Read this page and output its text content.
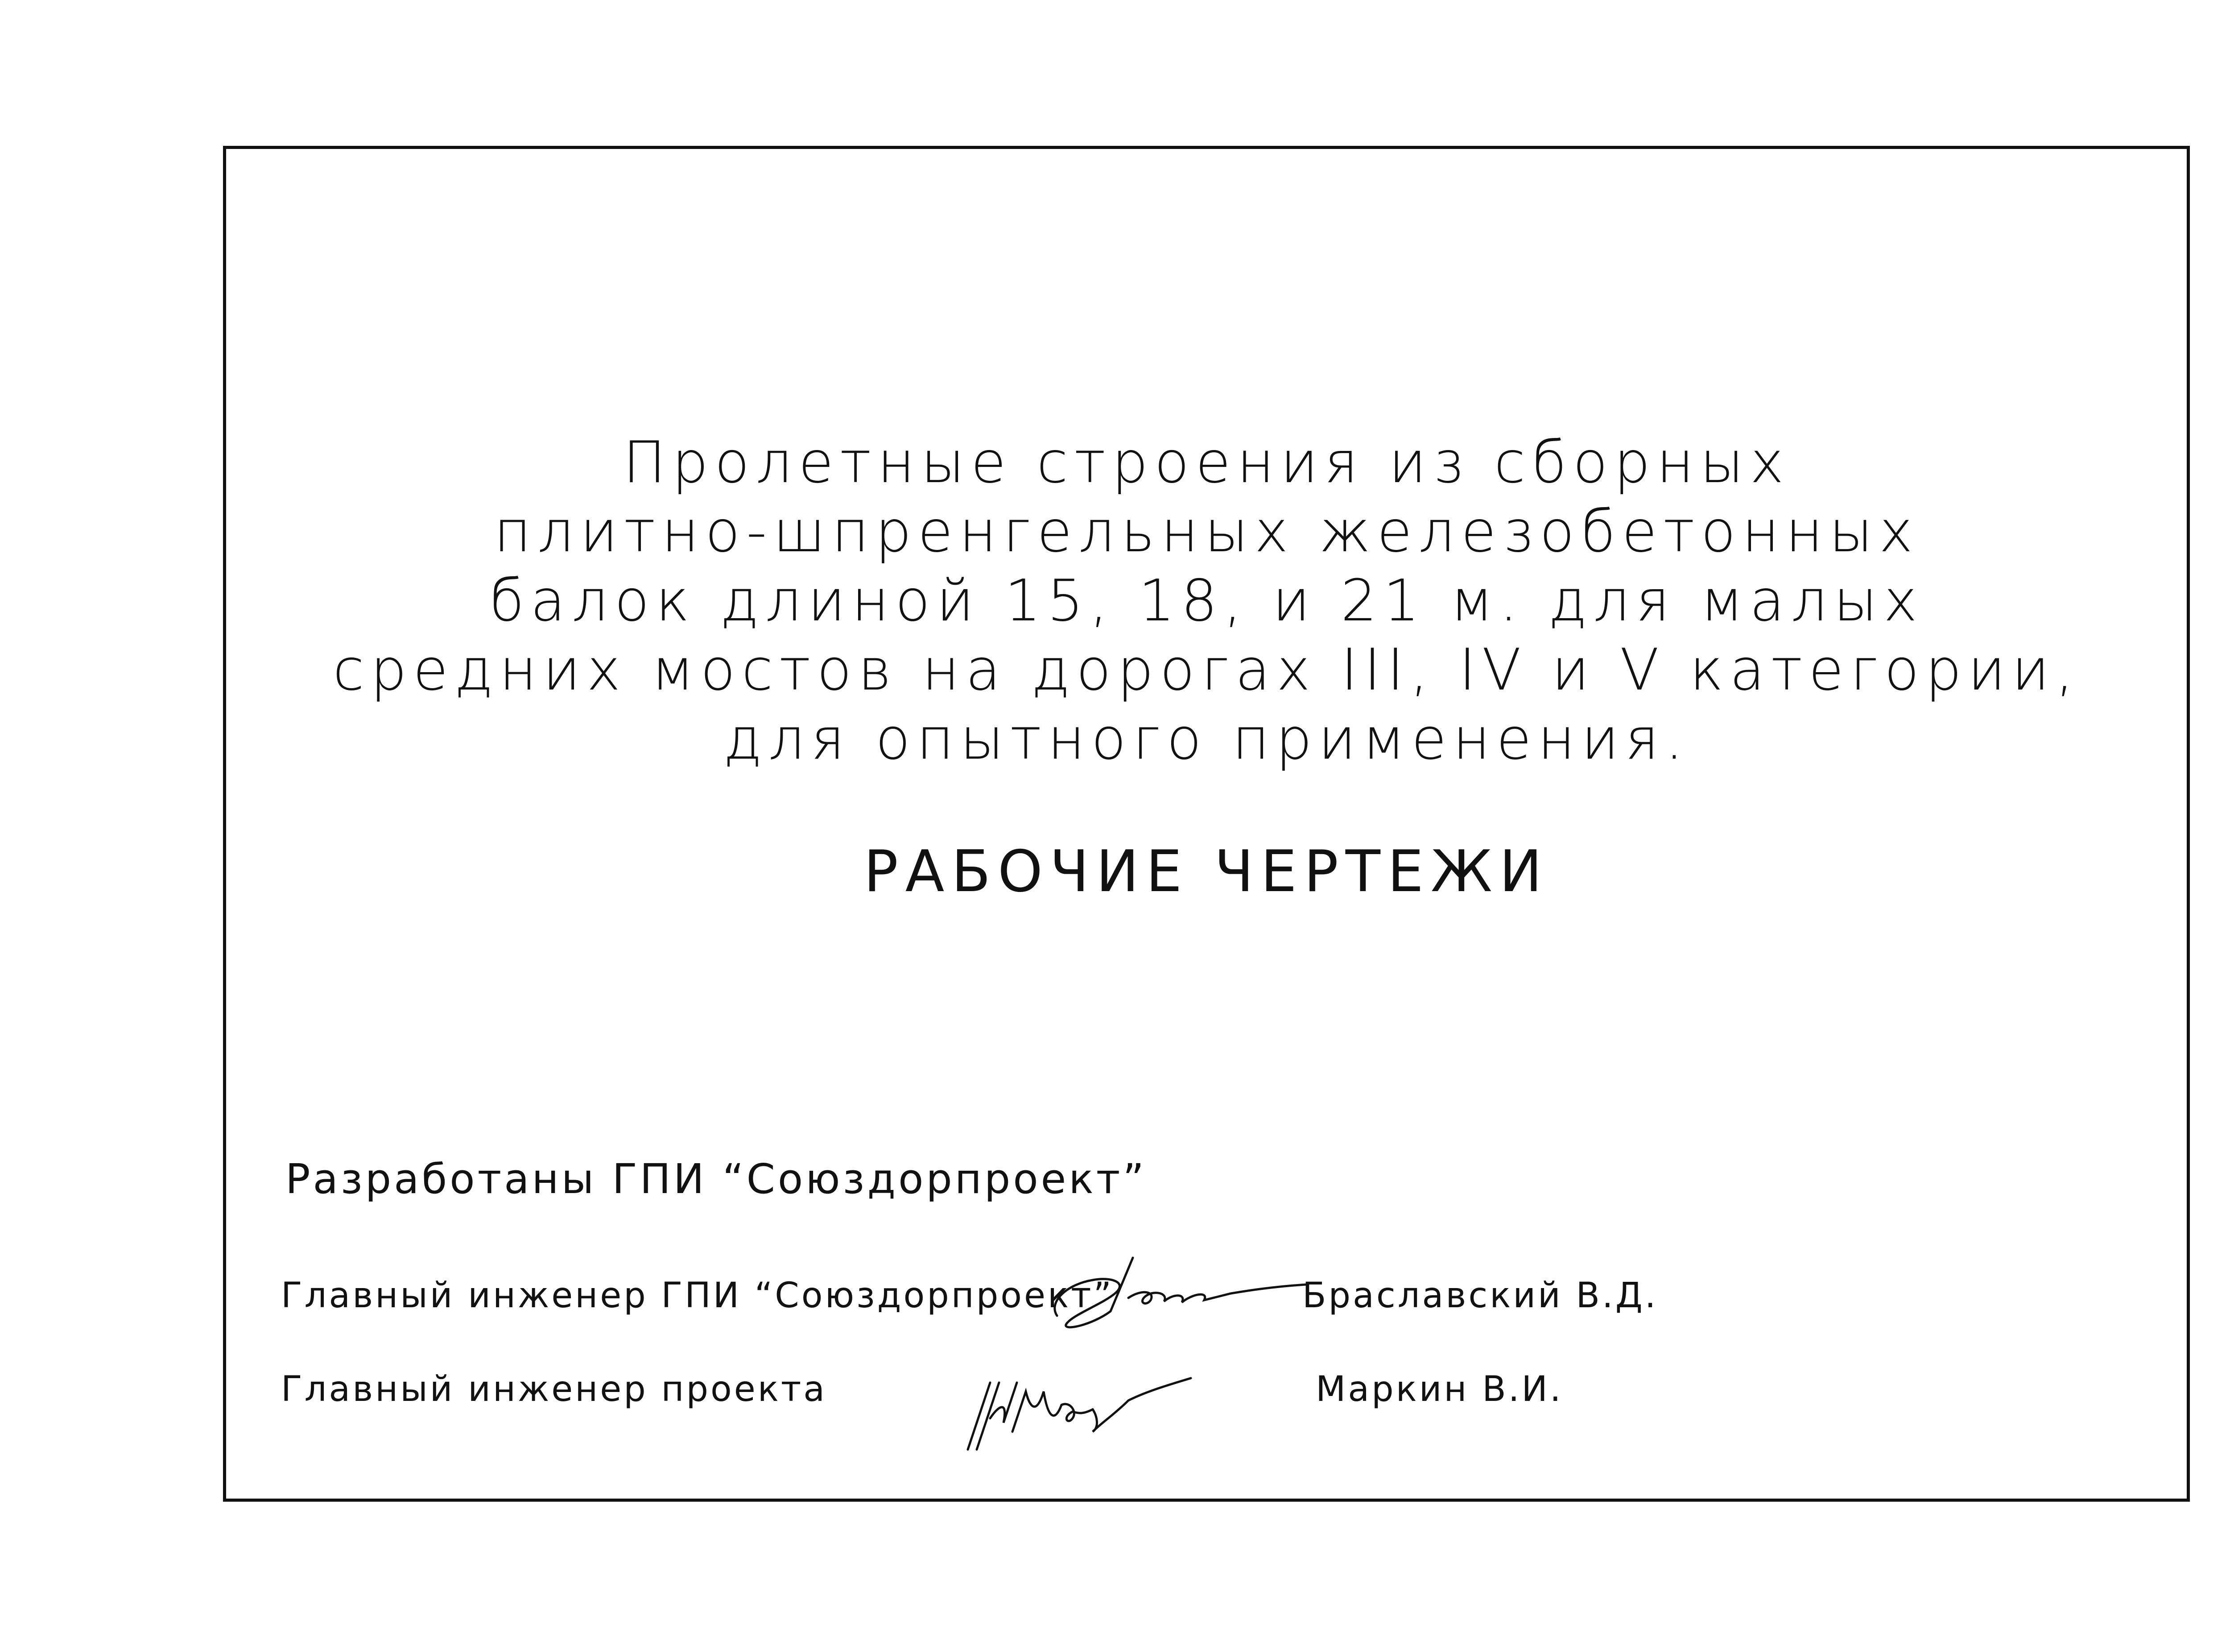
Пролетные строения из сборных
плитно-шпренгельных железобетонных
балок длиной 15, 18, и 21 м. для малых
средних мостов на дорогах III, IV и V категории,
для опытного применения.
РАБОЧИЕ ЧЕРТЕЖИ
Разработаны ГПИ “Союздорпроект”
Главный инженер ГПИ “Союздорпроект”	Браславский В.Д.
Главный инженер проекта	Маркин В.И.
